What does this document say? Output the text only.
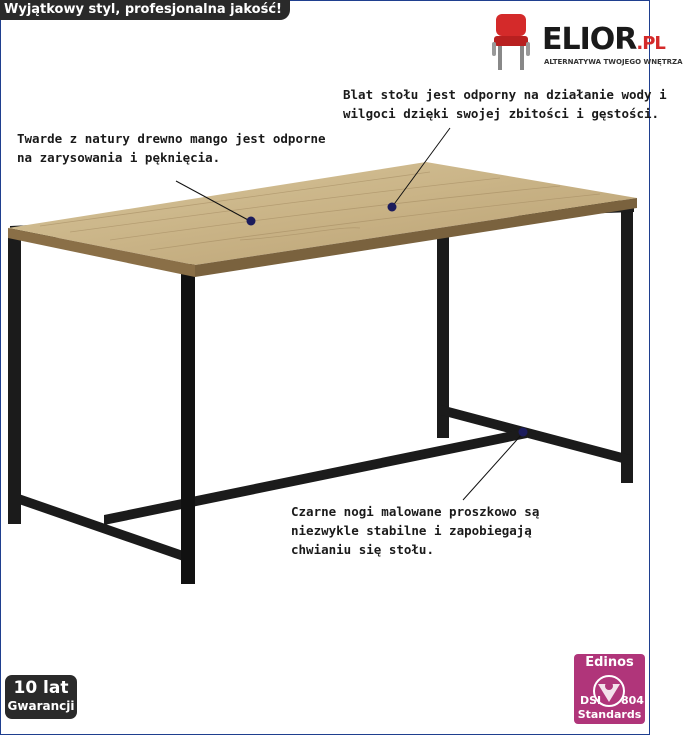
Wyjątkowy styl, profesjonalna jakość!
ELIOR.PL
ALTERNATYWA TWOJEGO WNĘTRZA
Blat stołu jest odporny na działanie wody i
wilgoci dzięki swojej zbitości i gęstości.
Twarde z natury drewno mango jest odporne
na zarysowania i pęknięcia.
Czarne nogi malowane proszkowo są
niezwykle stabilne i zapobiegają
chwianiu się stołu.
10 lat
Gwarancji
Edinos
DSI 804
Standards
